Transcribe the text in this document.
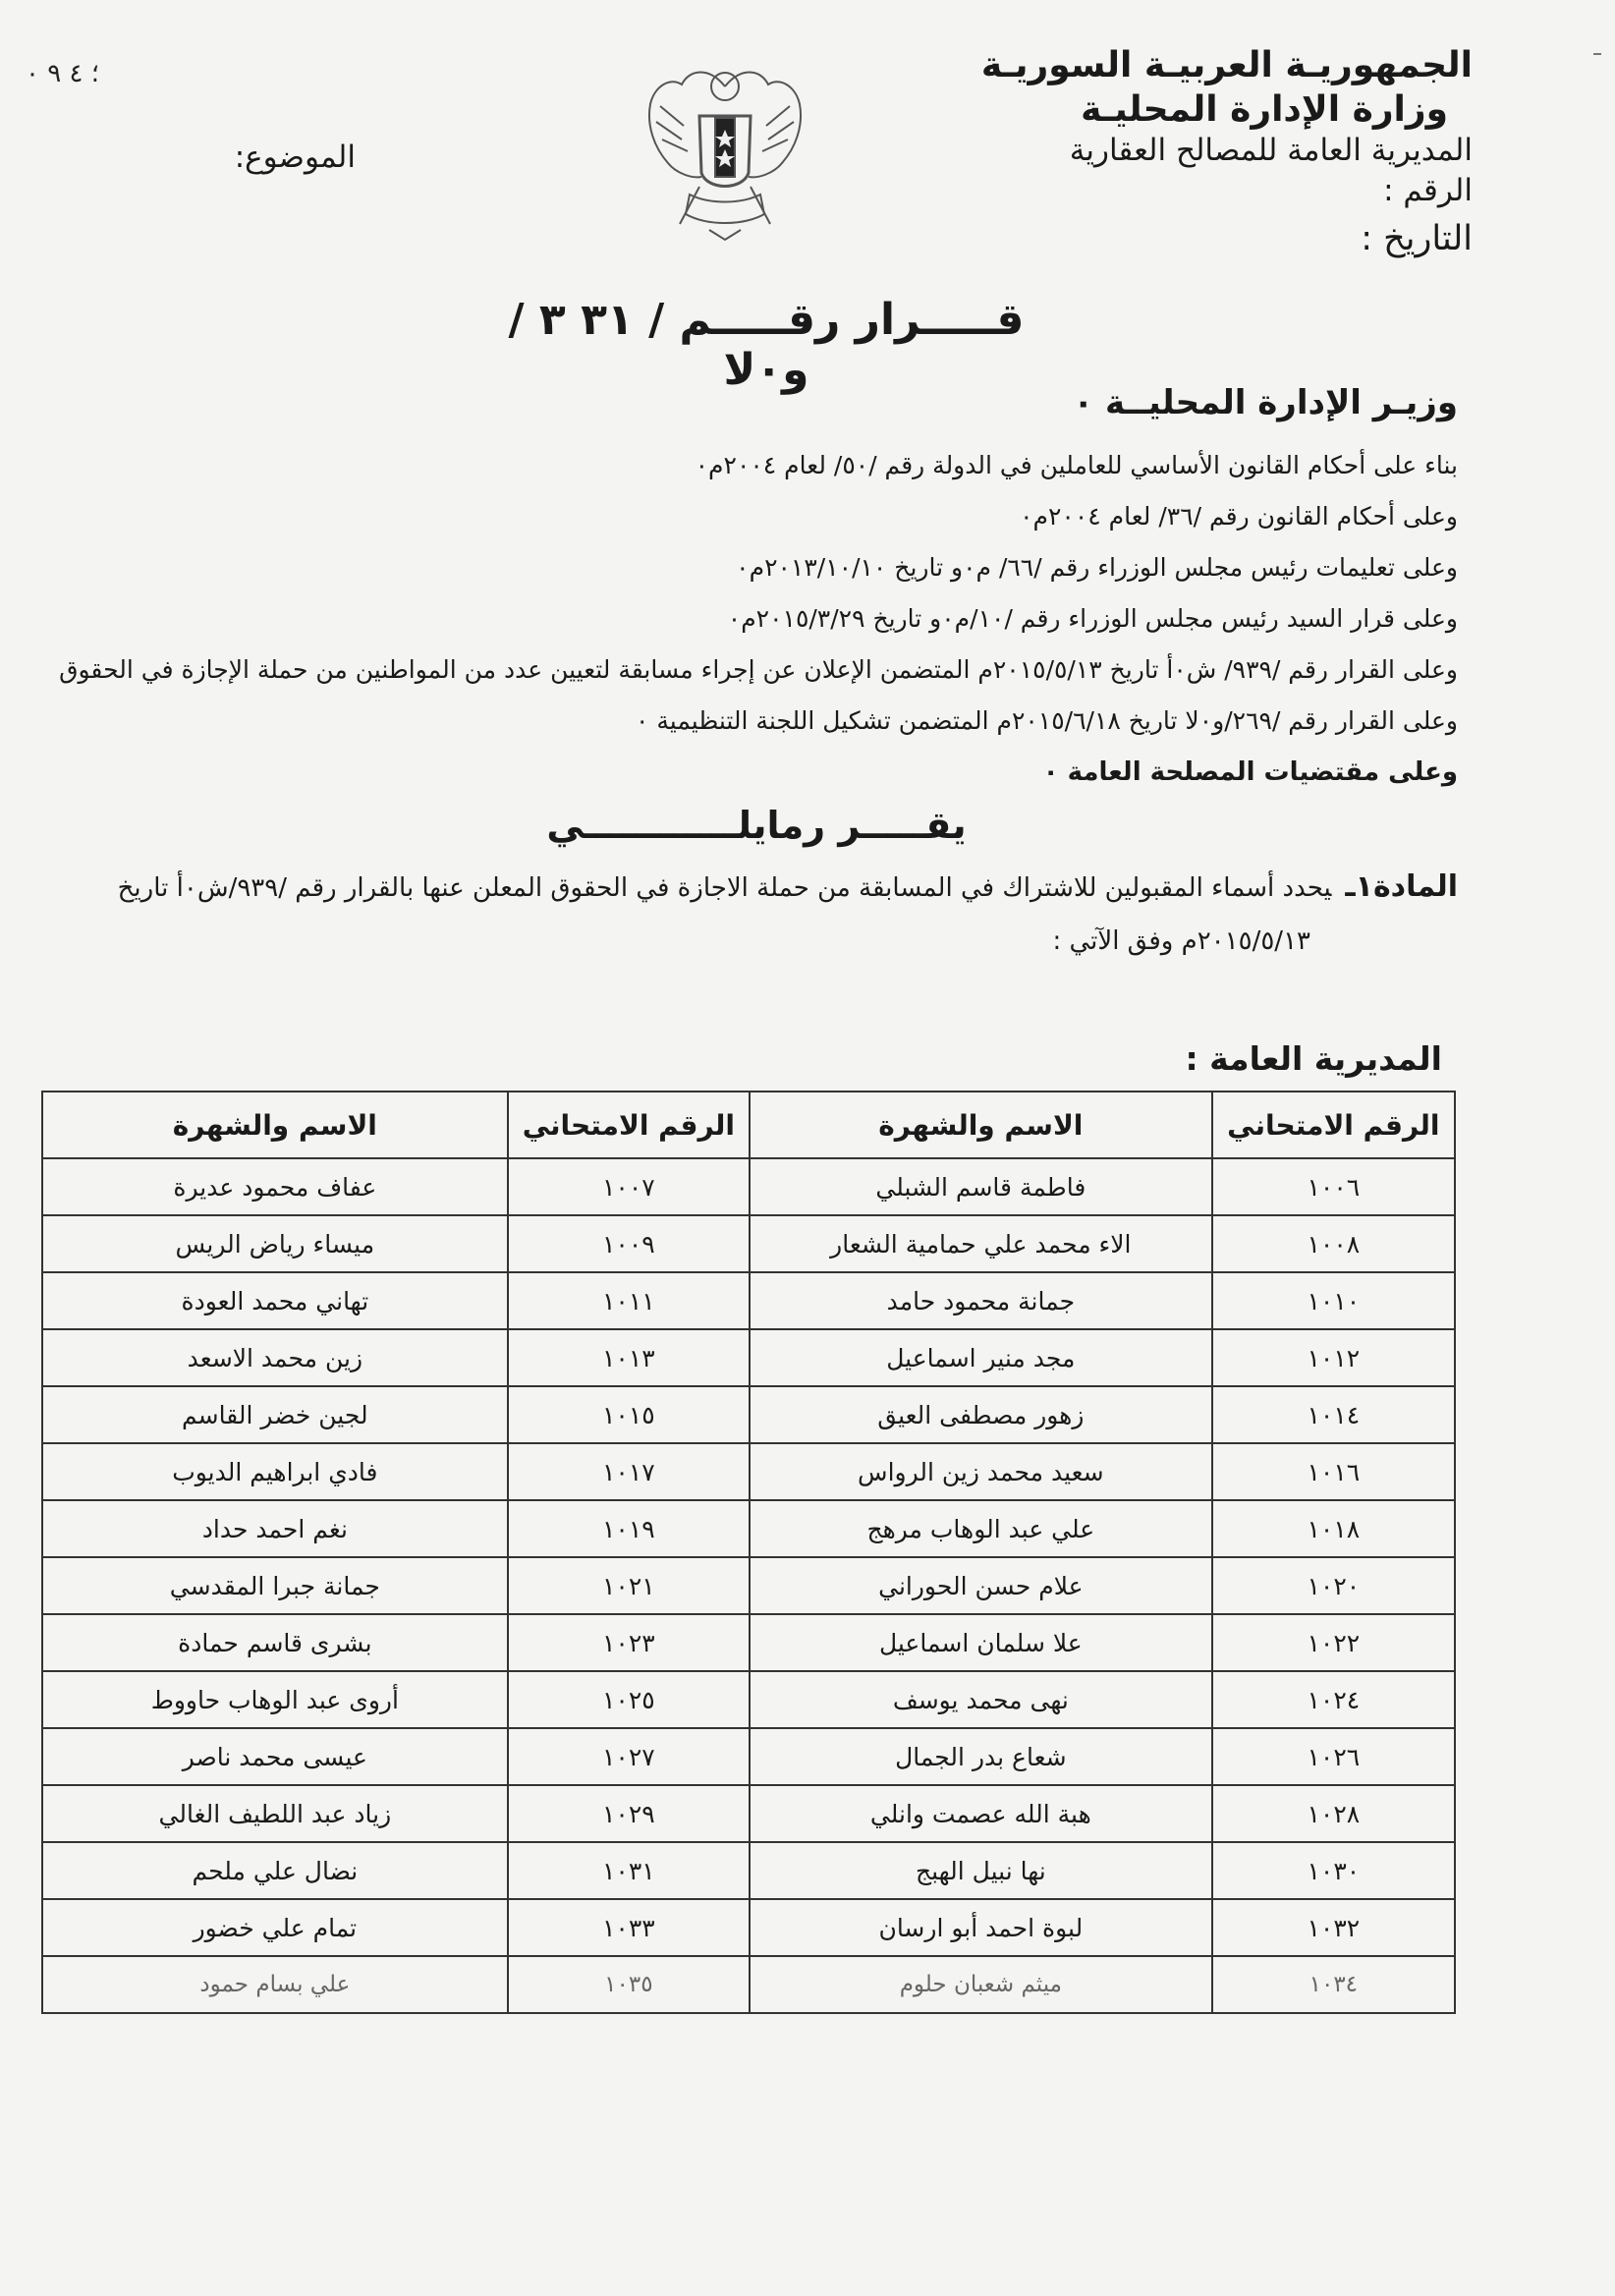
؛ ٤ ٩ ٠	الجمهوريـة العربيـة السوريـة
وزارة الإدارة المحليـة
المديرية العامة للمصالح العقارية
الرقم :
التاريخ :
الموضوع:
قـــــرار رقـــــم / ٣١ ٣ /و٠لا
وزيـر الإدارة المحليــة ٠
بناء على أحكام القانون الأساسي للعاملين في الدولة رقم /٥٠/ لعام ٢٠٠٤م٠
وعلى أحكام القانون رقم /٣٦/ لعام ٢٠٠٤م٠
وعلى تعليمات رئيس مجلس الوزراء رقم /٦٦/ م٠و تاريخ ٢٠١٣/١٠/١٠م٠
وعلى قرار السيد رئيس مجلس الوزراء رقم /١٠/م٠و تاريخ ٢٠١٥/٣/٢٩م٠
وعلى القرار رقم /٩٣٩/ ش٠أ تاريخ ٢٠١٥/٥/١٣م المتضمن الإعلان عن إجراء مسابقة لتعيين عدد من المواطنين من حملة الإجازة في الحقوق
وعلى القرار رقم /٢٦٩/و٠لا تاريخ ٢٠١٥/٦/١٨م المتضمن تشكيل اللجنة التنظيمية ٠
وعلى مقتضيات المصلحة العامة ٠
يقـــــر رمايلــــــــــــي
المادة١ـيحدد أسماء المقبولين للاشتراك في المسابقة من حملة الاجازة في الحقوق المعلن عنها بالقرار رقم /٩٣٩/ش٠أ تاريخ
٢٠١٥/٥/١٣م وفق الآتي :
المديرية العامة :
الرقم الامتحاني	الاسم والشهرة	الرقم الامتحاني	الاسم والشهرة
١٠٠٦	فاطمة قاسم الشبلي	١٠٠٧	عفاف محمود عديرة
١٠٠٨	الاء محمد علي حمامية الشعار	١٠٠٩	ميساء رياض الريس
١٠١٠	جمانة محمود حامد	١٠١١	تهاني محمد العودة
١٠١٢	مجد منير اسماعيل	١٠١٣	زين محمد الاسعد
١٠١٤	زهور مصطفى العيق	١٠١٥	لجين خضر القاسم
١٠١٦	سعيد محمد زين الرواس	١٠١٧	فادي ابراهيم الديوب
١٠١٨	علي عبد الوهاب مرهج	١٠١٩	نغم احمد حداد
١٠٢٠	علام حسن الحوراني	١٠٢١	جمانة جبرا المقدسي
١٠٢٢	علا سلمان اسماعيل	١٠٢٣	بشرى قاسم حمادة
١٠٢٤	نهى محمد يوسف	١٠٢٥	أروى عبد الوهاب حاووط
١٠٢٦	شعاع بدر الجمال	١٠٢٧	عيسى محمد ناصر
١٠٢٨	هبة الله عصمت وانلي	١٠٢٩	زياد عبد اللطيف الغالي
١٠٣٠	نها نبيل الهبج	١٠٣١	نضال علي ملحم
١٠٣٢	لبوة احمد أبو ارسان	١٠٣٣	تمام علي خضور
١٠٣٤	ميثم شعبان حلوم	١٠٣٥	علي بسام حمود
